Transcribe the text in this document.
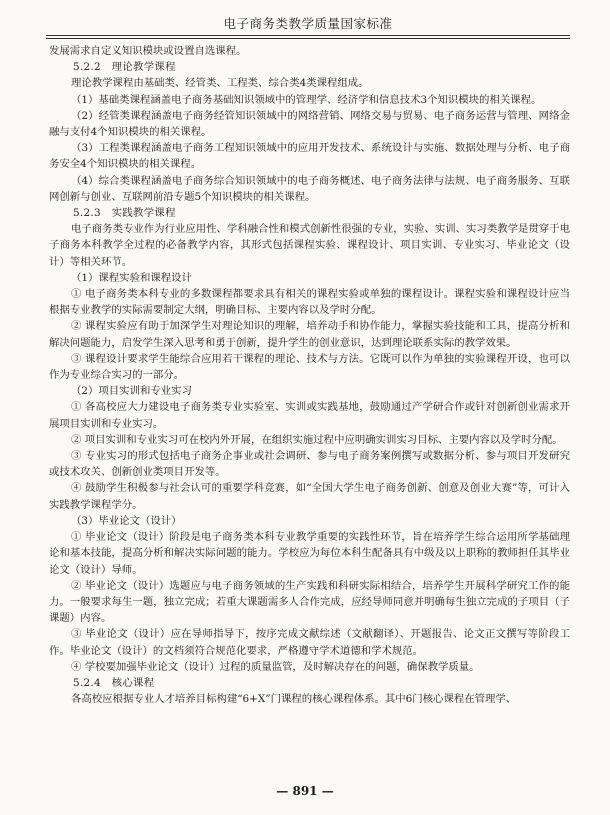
电子商务类教学质量国家标准

发展需求自定义知识模块或设置自选课程。

5.2.2　理论教学课程

理论教学课程由基础类、经管类、工程类、综合类4类课程组成。

（1）基础类课程涵盖电子商务基础知识领域中的管理学、经济学和信息技术3个知识模块的相关课程。

（2）经管类课程涵盖电子商务经管知识领域中的网络营销、网络交易与贸易、电子商务运营与管理、网络金融与支付4个知识模块的相关课程。

（3）工程类课程涵盖电子商务工程知识领域中的应用开发技术、系统设计与实施、数据处理与分析、电子商务安全4个知识模块的相关课程。

（4）综合类课程涵盖电子商务综合知识领域中的电子商务概述、电子商务法律与法规、电子商务服务、互联网创新与创业、互联网前沿专题5个知识模块的相关课程。

5.2.3　实践教学课程

电子商务类专业作为行业应用性、学科融合性和模式创新性很强的专业，实验、实训、实习类教学是贯穿于电子商务本科教学全过程的必备教学内容，其形式包括课程实验、课程设计、项目实训、专业实习、毕业论文（设计）等相关环节。

（1）课程实验和课程设计

① 电子商务类本科专业的多数课程都要求具有相关的课程实验或单独的课程设计。课程实验和课程设计应当根据专业教学的实际需要制定大纲，明确目标、主要内容以及学时分配。

② 课程实验应有助于加深学生对理论知识的理解，培养动手和协作能力，掌握实验技能和工具，提高分析和解决问题能力，启发学生深入思考和勇于创新，提升学生的创业意识，达到理论联系实际的教学效果。

③ 课程设计要求学生能综合应用若干课程的理论、技术与方法。它既可以作为单独的实验课程开设，也可以作为专业综合实习的一部分。

（2）项目实训和专业实习

① 各高校应大力建设电子商务类专业实验室、实训或实践基地，鼓励通过产学研合作或针对创新创业需求开展项目实训和专业实习。

② 项目实训和专业实习可在校内外开展，在组织实施过程中应明确实训实习目标、主要内容以及学时分配。

③ 专业实习的形式包括电子商务企事业或社会调研、参与电子商务案例撰写或数据分析、参与项目开发研究或技术攻关、创新创业类项目开发等。

④ 鼓励学生积极参与社会认可的重要学科竞赛，如“全国大学生电子商务创新、创意及创业大赛”等，可计入实践教学课程学分。

（3）毕业论文（设计）

① 毕业论文（设计）阶段是电子商务类本科专业教学重要的实践性环节，旨在培养学生综合运用所学基础理论和基本技能，提高分析和解决实际问题的能力。学校应为每位本科生配备具有中级及以上职称的教师担任其毕业论文（设计）导师。

② 毕业论文（设计）选题应与电子商务领域的生产实践和科研实际相结合，培养学生开展科学研究工作的能力。一般要求每生一题，独立完成；若重大课题需多人合作完成，应经导师同意并明确每生独立完成的子项目（子课题）内容。

③ 毕业论文（设计）应在导师指导下，按序完成文献综述（文献翻译）、开题报告、论文正文撰写等阶段工作。毕业论文（设计）的文档须符合规范化要求，严格遵守学术道德和学术规范。

④ 学校要加强毕业论文（设计）过程的质量监管，及时解决存在的问题，确保教学质量。

5.2.4　核心课程

各高校应根据专业人才培养目标构建“6+X”门课程的核心课程体系。其中6门核心课程在管理学、

— 891 —
